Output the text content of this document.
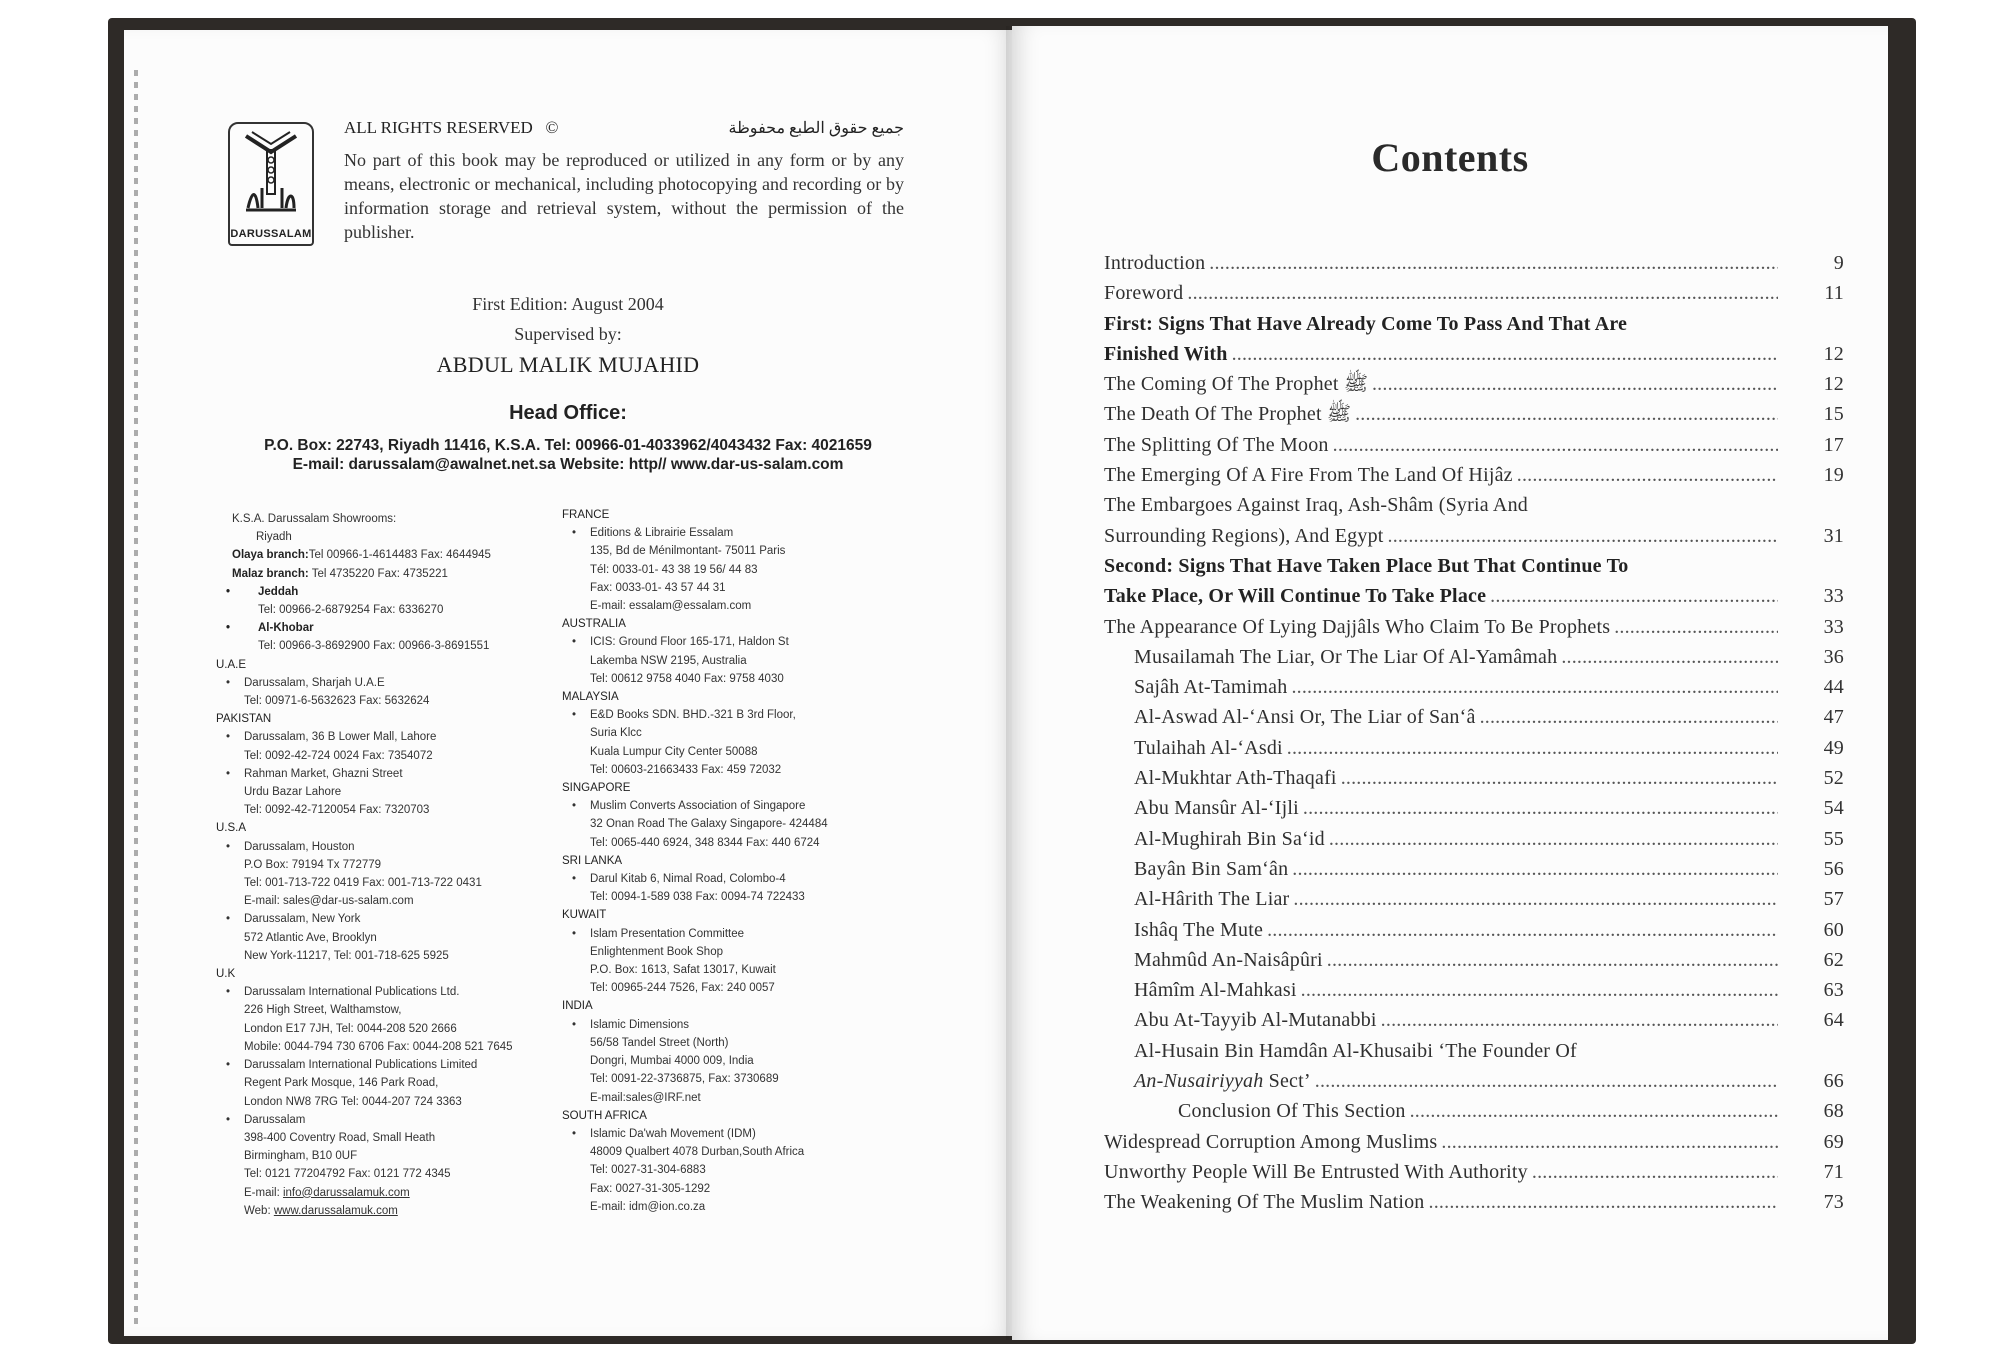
DARUSSALAM
ALL RIGHTS RESERVED ©	جميع حقوق الطبع محفوظة
No part of this book may be reproduced or utilized in any form or by any means, electronic or mechanical, including photocopying and recording or by information storage and retrieval system, without the permission of the publisher.
First Edition: August 2004
Supervised by:
ABDUL MALIK MUJAHID
Head Office:
P.O. Box: 22743, Riyadh 11416, K.S.A. Tel: 00966-01-4033962/4043432 Fax: 4021659
E-mail: darussalam@awalnet.net.sa Website: http// www.dar-us-salam.com
K.S.A. Darussalam Showrooms:
Riyadh
Olaya branch:Tel 00966-1-4614483 Fax: 4644945
Malaz branch: Tel 4735220 Fax: 4735221
• Jeddah
Tel: 00966-2-6879254 Fax: 6336270
• Al-Khobar
Tel: 00966-3-8692900 Fax: 00966-3-8691551
U.A.E
• Darussalam, Sharjah U.A.E
Tel: 00971-6-5632623 Fax: 5632624
PAKISTAN
• Darussalam, 36 B Lower Mall, Lahore
Tel: 0092-42-724 0024 Fax: 7354072
• Rahman Market, Ghazni Street
Urdu Bazar Lahore
Tel: 0092-42-7120054 Fax: 7320703
U.S.A
• Darussalam, Houston
P.O Box: 79194 Tx 772779
Tel: 001-713-722 0419 Fax: 001-713-722 0431
E-mail: sales@dar-us-salam.com
• Darussalam, New York
572 Atlantic Ave, Brooklyn
New York-11217, Tel: 001-718-625 5925
U.K
• Darussalam International Publications Ltd.
226 High Street, Walthamstow,
London E17 7JH, Tel: 0044-208 520 2666
Mobile: 0044-794 730 6706 Fax: 0044-208 521 7645
• Darussalam International Publications Limited
Regent Park Mosque, 146 Park Road,
London NW8 7RG Tel: 0044-207 724 3363
• Darussalam
398-400 Coventry Road, Small Heath
Birmingham, B10 0UF
Tel: 0121 77204792 Fax: 0121 772 4345
E-mail: info@darussalamuk.com
Web: www.darussalamuk.com
FRANCE
• Editions & Librairie Essalam
135, Bd de Ménilmontant- 75011 Paris
Tél: 0033-01- 43 38 19 56/ 44 83
Fax: 0033-01- 43 57 44 31
E-mail: essalam@essalam.com
AUSTRALIA
• ICIS: Ground Floor 165-171, Haldon St
Lakemba NSW 2195, Australia
Tel: 00612 9758 4040 Fax: 9758 4030
MALAYSIA
• E&D Books SDN. BHD.-321 B 3rd Floor,
Suria Klcc
Kuala Lumpur City Center 50088
Tel: 00603-21663433 Fax: 459 72032
SINGAPORE
• Muslim Converts Association of Singapore
32 Onan Road The Galaxy Singapore- 424484
Tel: 0065-440 6924, 348 8344 Fax: 440 6724
SRI LANKA
• Darul Kitab 6, Nimal Road, Colombo-4
Tel: 0094-1-589 038 Fax: 0094-74 722433
KUWAIT
• Islam Presentation Committee
Enlightenment Book Shop
P.O. Box: 1613, Safat 13017, Kuwait
Tel: 00965-244 7526, Fax: 240 0057
INDIA
• Islamic Dimensions
56/58 Tandel Street (North)
Dongri, Mumbai 4000 009, India
Tel: 0091-22-3736875, Fax: 3730689
E-mail:sales@IRF.net
SOUTH AFRICA
• Islamic Da'wah Movement (IDM)
48009 Qualbert 4078 Durban,South Africa
Tel: 0027-31-304-6883
Fax: 0027-31-305-1292
E-mail: idm@ion.co.za
Contents
Introduction .....	9
Foreword .....	11
First: Signs That Have Already Come To Pass And That Are
Finished With .....	12
The Coming Of The Prophet ﷺ .....	12
The Death Of The Prophet ﷺ .....	15
The Splitting Of The Moon .....	17
The Emerging Of A Fire From The Land Of Hijâz .....	19
The Embargoes Against Iraq, Ash-Shâm (Syria And
Surrounding Regions), And Egypt .....	31
Second: Signs That Have Taken Place But That Continue To
Take Place, Or Will Continue To Take Place .....	33
The Appearance Of Lying Dajjâls Who Claim To Be Prophets .....	33
Musailamah The Liar, Or The Liar Of Al-Yamâmah .....	36
Sajâh At-Tamimah .....	44
Al-Aswad Al-‘Ansi Or, The Liar of San‘â .....	47
Tulaihah Al-‘Asdi .....	49
Al-Mukhtar Ath-Thaqafi .....	52
Abu Mansûr Al-‘Ijli .....	54
Al-Mughirah Bin Sa‘id .....	55
Bayân Bin Sam‘ân .....	56
Al-Hârith The Liar .....	57
Ishâq The Mute .....	60
Mahmûd An-Naisâpûri .....	62
Hâmîm Al-Mahkasi .....	63
Abu At-Tayyib Al-Mutanabbi .....	64
Al-Husain Bin Hamdân Al-Khusaibi ‘The Founder Of
An-Nusairiyyah Sect’ .....	66
Conclusion Of This Section .....	68
Widespread Corruption Among Muslims .....	69
Unworthy People Will Be Entrusted With Authority .....	71
The Weakening Of The Muslim Nation .....	73
